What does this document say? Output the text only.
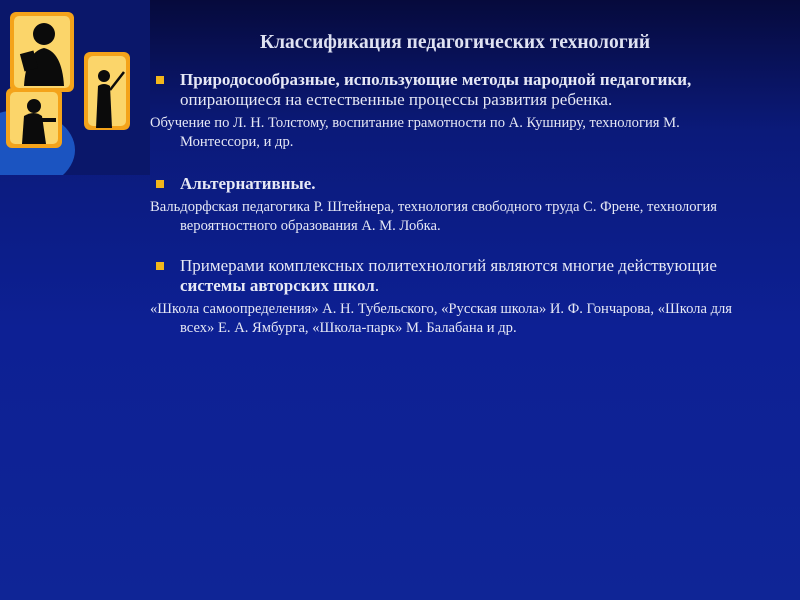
Классификация педагогических технологий
Природосообразные, использующие методы народной педагогики, опирающиеся на естественные процессы развития ребенка.
Обучение по Л. Н. Толстому, воспитание грамотности по А. Кушниру, технология М. Монтессори, и др.
Альтернативные.
Вальдорфская педагогика Р. Штейнера, технология свободного труда С. Френе, технология вероятностного образования А. М. Лобка.
Примерами комплексных политехнологий являются многие действующие системы авторских школ.
«Школа самоопределения» А. Н. Тубельского, «Русская школа» И. Ф. Гончарова, «Школа для всех» Е. А. Ямбурга, «Школа-парк» М. Балабана и др.
